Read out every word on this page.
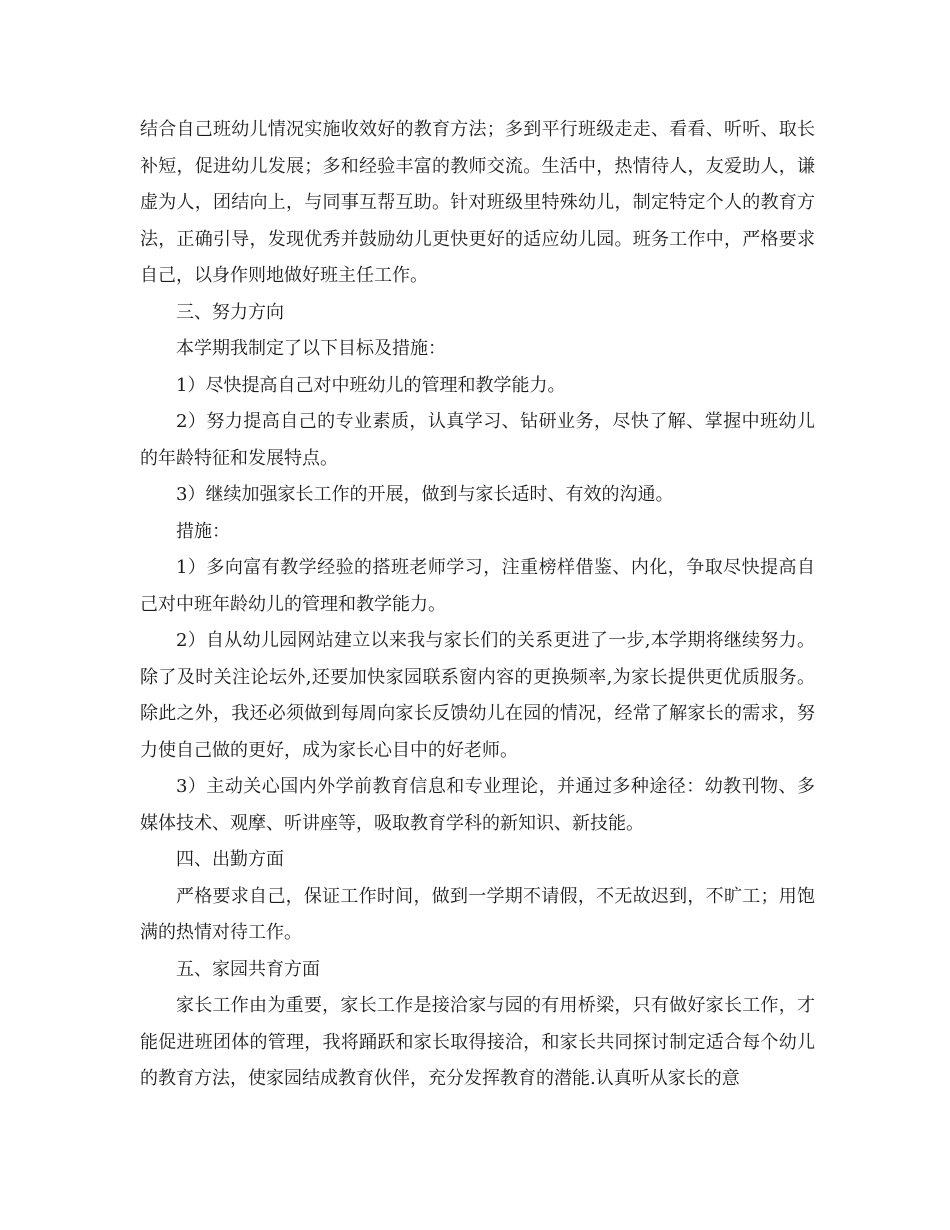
结合自己班幼儿情况实施收效好的教育方法；多到平行班级走走、看看、听听、取长补短，促进幼儿发展；多和经验丰富的教师交流。生活中，热情待人，友爱助人，谦虚为人，团结向上，与同事互帮互助。针对班级里特殊幼儿，制定特定个人的教育方法，正确引导，发现优秀并鼓励幼儿更快更好的适应幼儿园。班务工作中，严格要求自己，以身作则地做好班主任工作。

三、努力方向

本学期我制定了以下目标及措施：

1）尽快提高自己对中班幼儿的管理和教学能力。

2）努力提高自己的专业素质，认真学习、钻研业务，尽快了解、掌握中班幼儿的年龄特征和发展特点。

3）继续加强家长工作的开展，做到与家长适时、有效的沟通。

措施：

1）多向富有教学经验的搭班老师学习，注重榜样借鉴、内化，争取尽快提高自己对中班年龄幼儿的管理和教学能力。

2）自从幼儿园网站建立以来我与家长们的关系更进了一步,本学期将继续努力。除了及时关注论坛外,还要加快家园联系窗内容的更换频率,为家长提供更优质服务。除此之外，我还必须做到每周向家长反馈幼儿在园的情况，经常了解家长的需求，努力使自己做的更好，成为家长心目中的好老师。

3）主动关心国内外学前教育信息和专业理论，并通过多种途径：幼教刊物、多媒体技术、观摩、听讲座等，吸取教育学科的新知识、新技能。

四、出勤方面

严格要求自己，保证工作时间，做到一学期不请假，不无故迟到，不旷工；用饱满的热情对待工作。

五、家园共育方面

家长工作由为重要，家长工作是接洽家与园的有用桥梁，只有做好家长工作，才能促进班团体的管理，我将踊跃和家长取得接洽，和家长共同探讨制定适合每个幼儿的教育方法，使家园结成教育伙伴，充分发挥教育的潜能.认真听从家长的意
